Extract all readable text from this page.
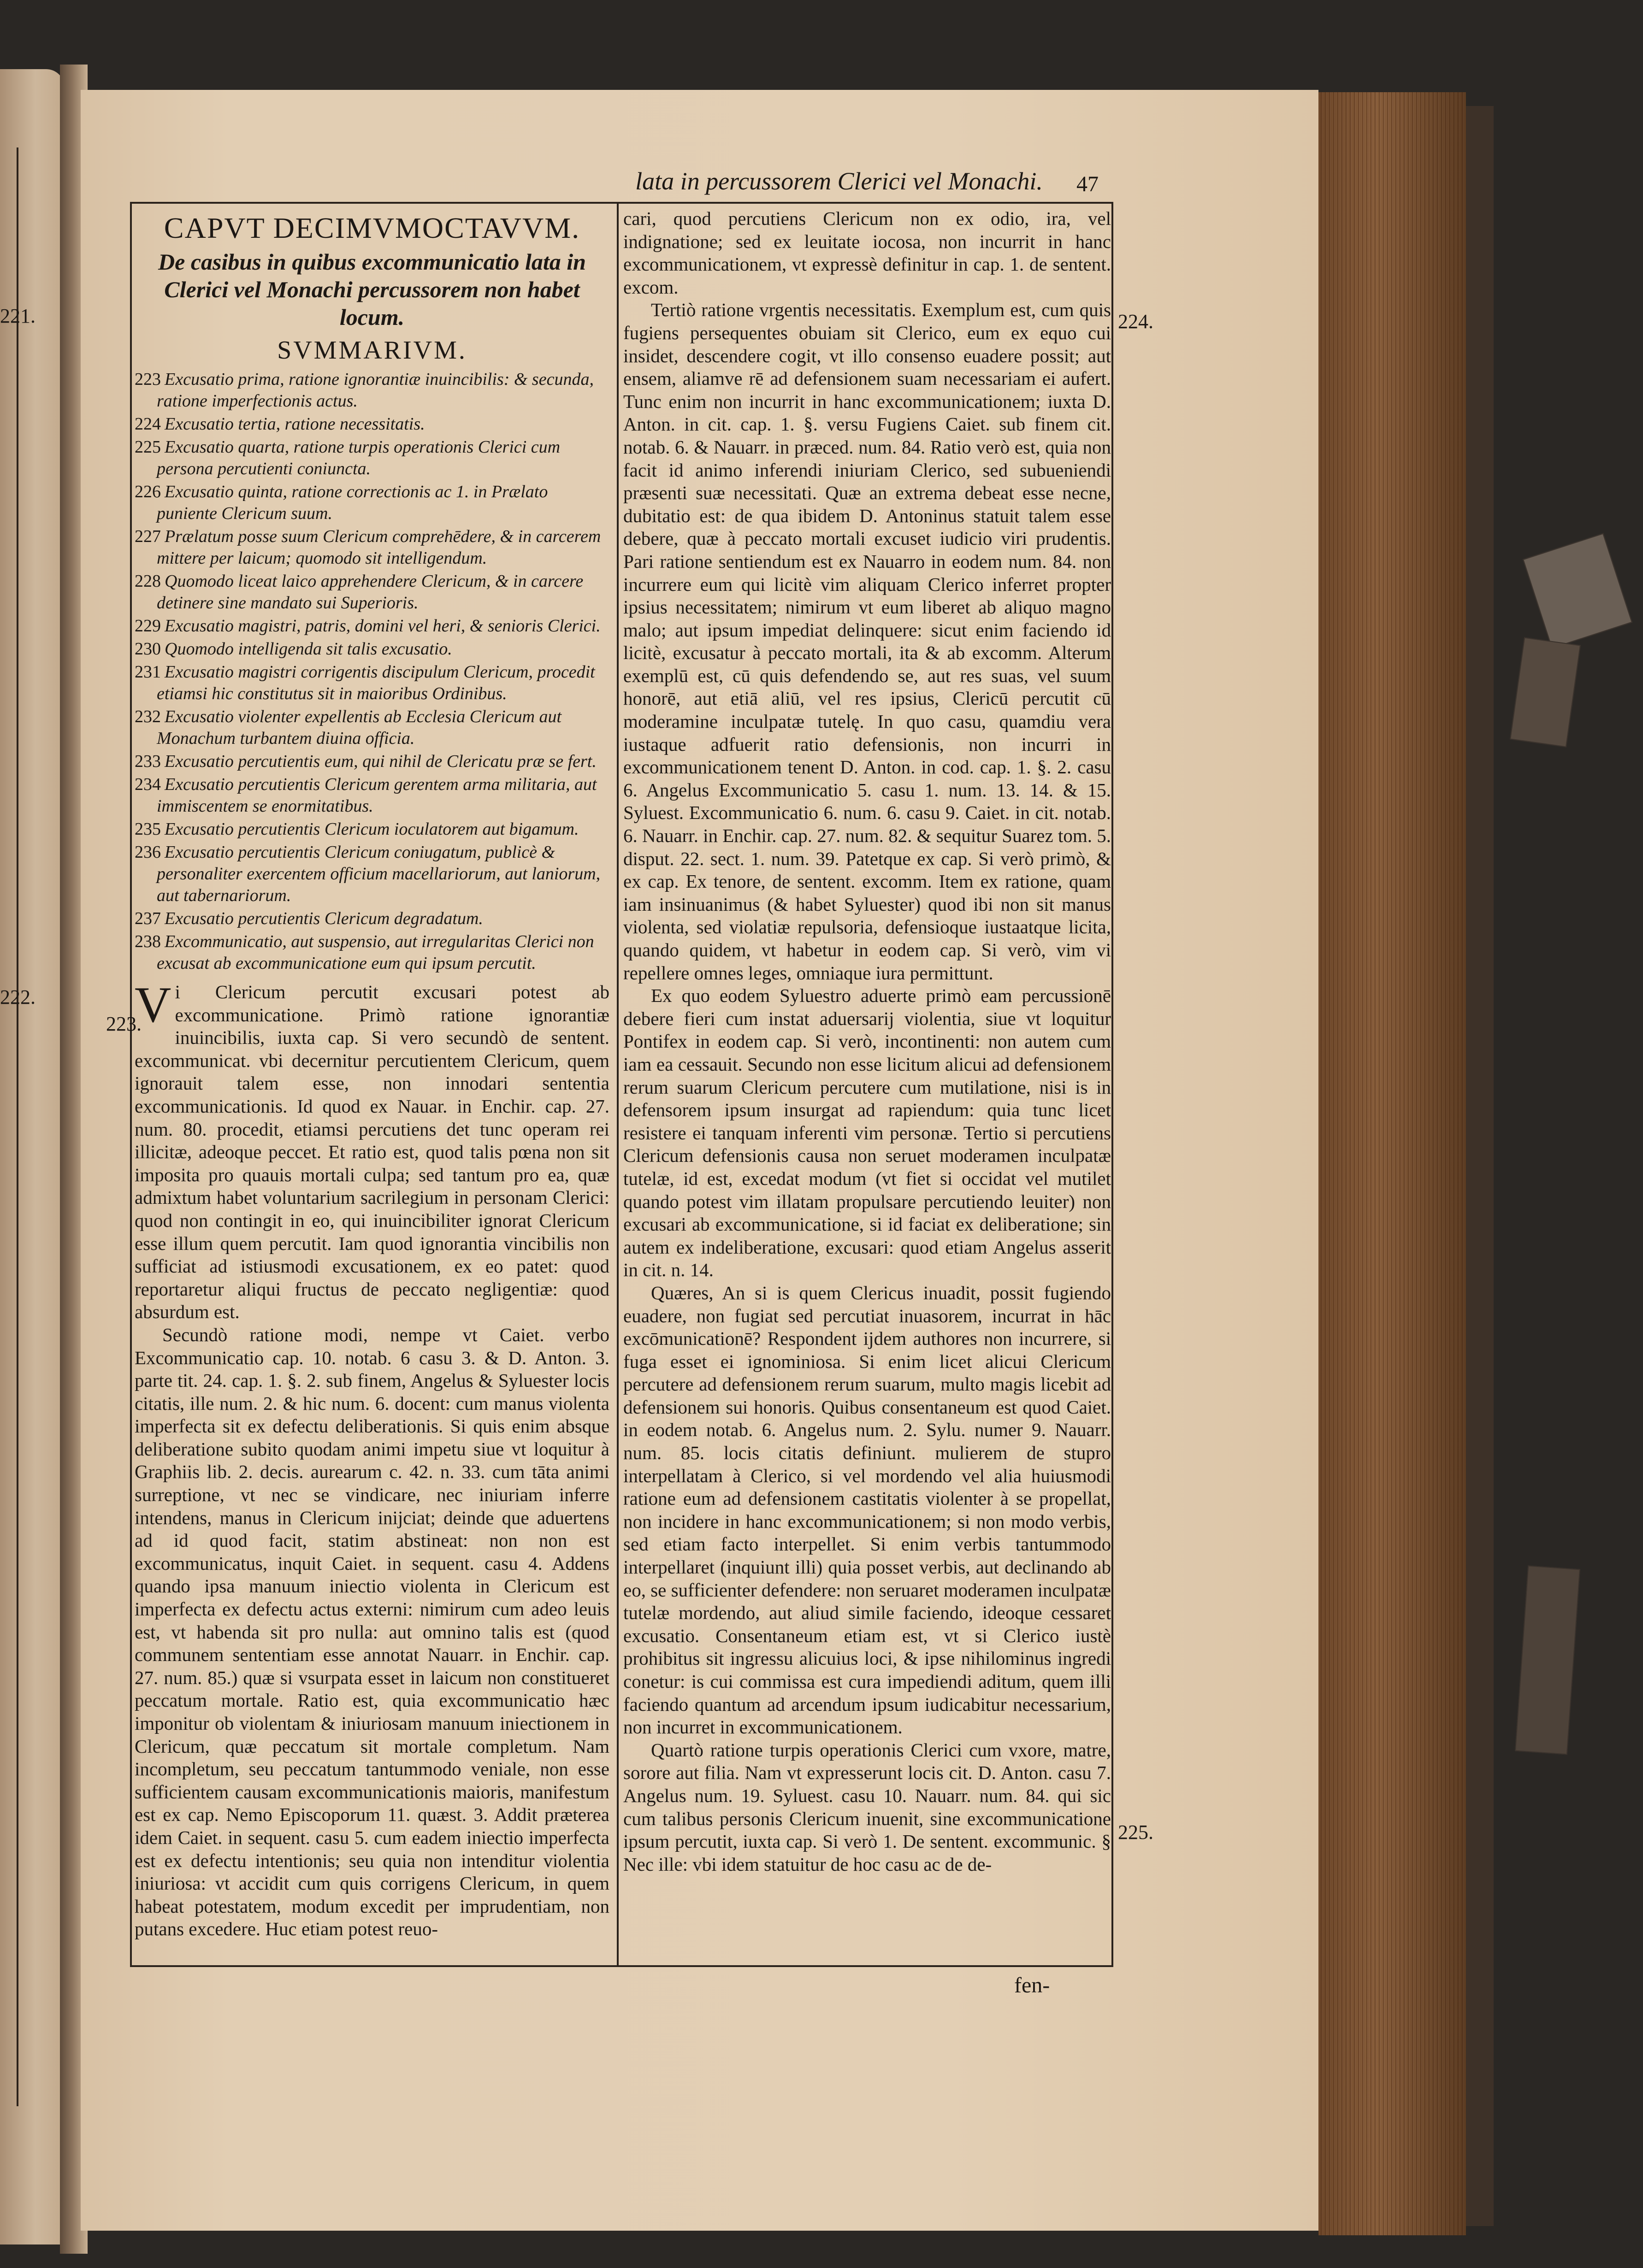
221.
222.
lata in percussorem Clerici vel Monachi.	47
223.
224.
225.
CAPVT DECIMVMOCTAVVM.

De casibus in quibus excommunicatio lata in Clerici vel Monachi percussorem non habet locum.

SVMMARIVM.
223 Excusatio prima, ratione ignorantiæ inuincibilis: & secunda, ratione imperfectionis actus.
224 Excusatio tertia, ratione necessitatis.
225 Excusatio quarta, ratione turpis operationis Clerici cum persona percutienti coniuncta.
226 Excusatio quinta, ratione correctionis ac 1. in Prælato puniente Clericum suum.
227 Prælatum posse suum Clericum comprehēdere, & in carcerem mittere per laicum; quomodo sit intelligendum.
228 Quomodo liceat laico apprehendere Clericum, & in carcere detinere sine mandato sui Superioris.
229 Excusatio magistri, patris, domini vel heri, & senioris Clerici.
230 Quomodo intelligenda sit talis excusatio.
231 Excusatio magistri corrigentis discipulum Clericum, procedit etiamsi hic constitutus sit in maioribus Ordinibus.
232 Excusatio violenter expellentis ab Ecclesia Clericum aut Monachum turbantem diuina officia.
233 Excusatio percutientis eum, qui nihil de Clericatu præ se fert.
234 Excusatio percutientis Clericum gerentem arma militaria, aut immiscentem se enormitatibus.
235 Excusatio percutientis Clericum ioculatorem aut bigamum.
236 Excusatio percutientis Clericum coniugatum, publicè & personaliter exercentem officium macellariorum, aut laniorum, aut tabernariorum.
237 Excusatio percutientis Clericum degradatum.
238 Excommunicatio, aut suspensio, aut irregularitas Clerici non excusat ab excommunicatione eum qui ipsum percutit.

Vi Clericum percutit excusari potest ab excommunicatione. Primò ratione ignorantiæ inuincibilis, iuxta cap. Si vero secundò de sentent. excommunicat. vbi decernitur percutientem Clericum, quem ignorauit talem esse, non innodari sententia excommunicationis. Id quod ex Nauar. in Enchir. cap. 27. num. 80. procedit, etiamsi percutiens det tunc operam rei illicitæ, adeoque peccet. Et ratio est, quod talis pœna non sit imposita pro quauis mortali culpa; sed tantum pro ea, quæ admixtum habet voluntarium sacrilegium in personam Clerici: quod non contingit in eo, qui inuincibiliter ignorat Clericum esse illum quem percutit. Iam quod ignorantia vincibilis non sufficiat ad istiusmodi excusationem, ex eo patet: quod reportaretur aliqui fructus de peccato negligentiæ: quod absurdum est.

Secundò ratione modi, nempe vt Caiet. verbo Excommunicatio cap. 10. notab. 6 casu 3. & D. Anton. 3. parte tit. 24. cap. 1. §. 2. sub finem, Angelus & Syluester locis citatis, ille num. 2. & hic num. 6. docent: cum manus violenta imperfecta sit ex defectu deliberationis. Si quis enim absque deliberatione subito quodam animi impetu siue vt loquitur à Graphiis lib. 2. decis. aurearum c. 42. n. 33. cum tāta animi surreptione, vt nec se vindicare, nec iniuriam inferre intendens, manus in Clericum inijciat; deinde que aduertens ad id quod facit, statim abstineat: non non est excommunicatus, inquit Caiet. in sequent. casu 4. Addens quando ipsa manuum iniectio violenta in Clericum est imperfecta ex defectu actus externi: nimirum cum adeo leuis est, vt habenda sit pro nulla: aut omnino talis est (quod communem sententiam esse annotat Nauarr. in Enchir. cap. 27. num. 85.) quæ si vsurpata esset in laicum non constitueret peccatum mortale. Ratio est, quia excommunicatio hæc imponitur ob violentam & iniuriosam manuum iniectionem in Clericum, quæ peccatum sit mortale completum. Nam incompletum, seu peccatum tantummodo veniale, non esse sufficientem causam excommunicationis maioris, manifestum est ex cap. Nemo Episcoporum 11. quæst. 3. Addit præterea idem Caiet. in sequent. casu 5. cum eadem iniectio imperfecta est ex defectu intentionis; seu quia non intenditur violentia iniuriosa: vt accidit cum quis corrigens Clericum, in quem habeat potestatem, modum excedit per imprudentiam, non putans excedere. Huc etiam potest reuo-

cari, quod percutiens Clericum non ex odio, ira, vel indignatione; sed ex leuitate iocosa, non incurrit in hanc excommunicationem, vt expressè definitur in cap. 1. de sentent. excom.

Tertiò ratione vrgentis necessitatis. Exemplum est, cum quis fugiens persequentes obuiam sit Clerico, eum ex equo cui insidet, descendere cogit, vt illo consenso euadere possit; aut ensem, aliamve rē ad defensionem suam necessariam ei aufert. Tunc enim non incurrit in hanc excommunicationem; iuxta D. Anton. in cit. cap. 1. §. versu Fugiens Caiet. sub finem cit. notab. 6. & Nauarr. in præced. num. 84. Ratio verò est, quia non facit id animo inferendi iniuriam Clerico, sed subueniendi præsenti suæ necessitati. Quæ an extrema debeat esse necne, dubitatio est: de qua ibidem D. Antoninus statuit talem esse debere, quæ à peccato mortali excuset iudicio viri prudentis. Pari ratione sentiendum est ex Nauarro in eodem num. 84. non incurrere eum qui licitè vim aliquam Clerico inferret propter ipsius necessitatem; nimirum vt eum liberet ab aliquo magno malo; aut ipsum impediat delinquere: sicut enim faciendo id licitè, excusatur à peccato mortali, ita & ab excomm. Alterum exemplū est, cū quis defendendo se, aut res suas, vel suum honorē, aut etiā aliū, vel res ipsius, Clericū percutit cū moderamine inculpatæ tutelę. In quo casu, quamdiu vera iustaque adfuerit ratio defensionis, non incurri in excommunicationem tenent D. Anton. in cod. cap. 1. §. 2. casu 6. Angelus Excommunicatio 5. casu 1. num. 13. 14. & 15. Syluest. Excommunicatio 6. num. 6. casu 9. Caiet. in cit. notab. 6. Nauarr. in Enchir. cap. 27. num. 82. & sequitur Suarez tom. 5. disput. 22. sect. 1. num. 39. Patetque ex cap. Si verò primò, & ex cap. Ex tenore, de sentent. excomm. Item ex ratione, quam iam insinuanimus (& habet Syluester) quod ibi non sit manus violenta, sed violatiæ repulsoria, defensioque iustaatque licita, quando quidem, vt habetur in eodem cap. Si verò, vim vi repellere omnes leges, omniaque iura permittunt.

Ex quo eodem Syluestro aduerte primò eam percussionē debere fieri cum instat aduersarij violentia, siue vt loquitur Pontifex in eodem cap. Si verò, incontinenti: non autem cum iam ea cessauit. Secundo non esse licitum alicui ad defensionem rerum suarum Clericum percutere cum mutilatione, nisi is in defensorem ipsum insurgat ad rapiendum: quia tunc licet resistere ei tanquam inferenti vim personæ. Tertio si percutiens Clericum defensionis causa non seruet moderamen inculpatæ tutelæ, id est, excedat modum (vt fiet si occidat vel mutilet quando potest vim illatam propulsare percutiendo leuiter) non excusari ab excommunicatione, si id faciat ex deliberatione; sin autem ex indeliberatione, excusari: quod etiam Angelus asserit in cit. n. 14.

Quæres, An si is quem Clericus inuadit, possit fugiendo euadere, non fugiat sed percutiat inuasorem, incurrat in hāc excōmunicationē? Respondent ijdem authores non incurrere, si fuga esset ei ignominiosa. Si enim licet alicui Clericum percutere ad defensionem rerum suarum, multo magis licebit ad defensionem sui honoris. Quibus consentaneum est quod Caiet. in eodem notab. 6. Angelus num. 2. Sylu. numer 9. Nauarr. num. 85. locis citatis definiunt. mulierem de stupro interpellatam à Clerico, si vel mordendo vel alia huiusmodi ratione eum ad defensionem castitatis violenter à se propellat, non incidere in hanc excommunicationem; si non modo verbis, sed etiam facto interpellet. Si enim verbis tantummodo interpellaret (inquiunt illi) quia posset verbis, aut declinando ab eo, se sufficienter defendere: non seruaret moderamen inculpatæ tutelæ mordendo, aut aliud simile faciendo, ideoque cessaret excusatio. Consentaneum etiam est, vt si Clerico iustè prohibitus sit ingressu alicuius loci, & ipse nihilominus ingredi conetur: is cui commissa est cura impediendi aditum, quem illi faciendo quantum ad arcendum ipsum iudicabitur necessarium, non incurret in excommunicationem.

Quartò ratione turpis operationis Clerici cum vxore, matre, sorore aut filia. Nam vt expresserunt locis cit. D. Anton. casu 7. Angelus num. 19. Syluest. casu 10. Nauarr. num. 84. qui sic cum talibus personis Clericum inuenit, sine excommunicatione ipsum percutit, iuxta cap. Si verò 1. De sentent. excommunic. § Nec ille: vbi idem statuitur de hoc casu ac de de-

fen-
